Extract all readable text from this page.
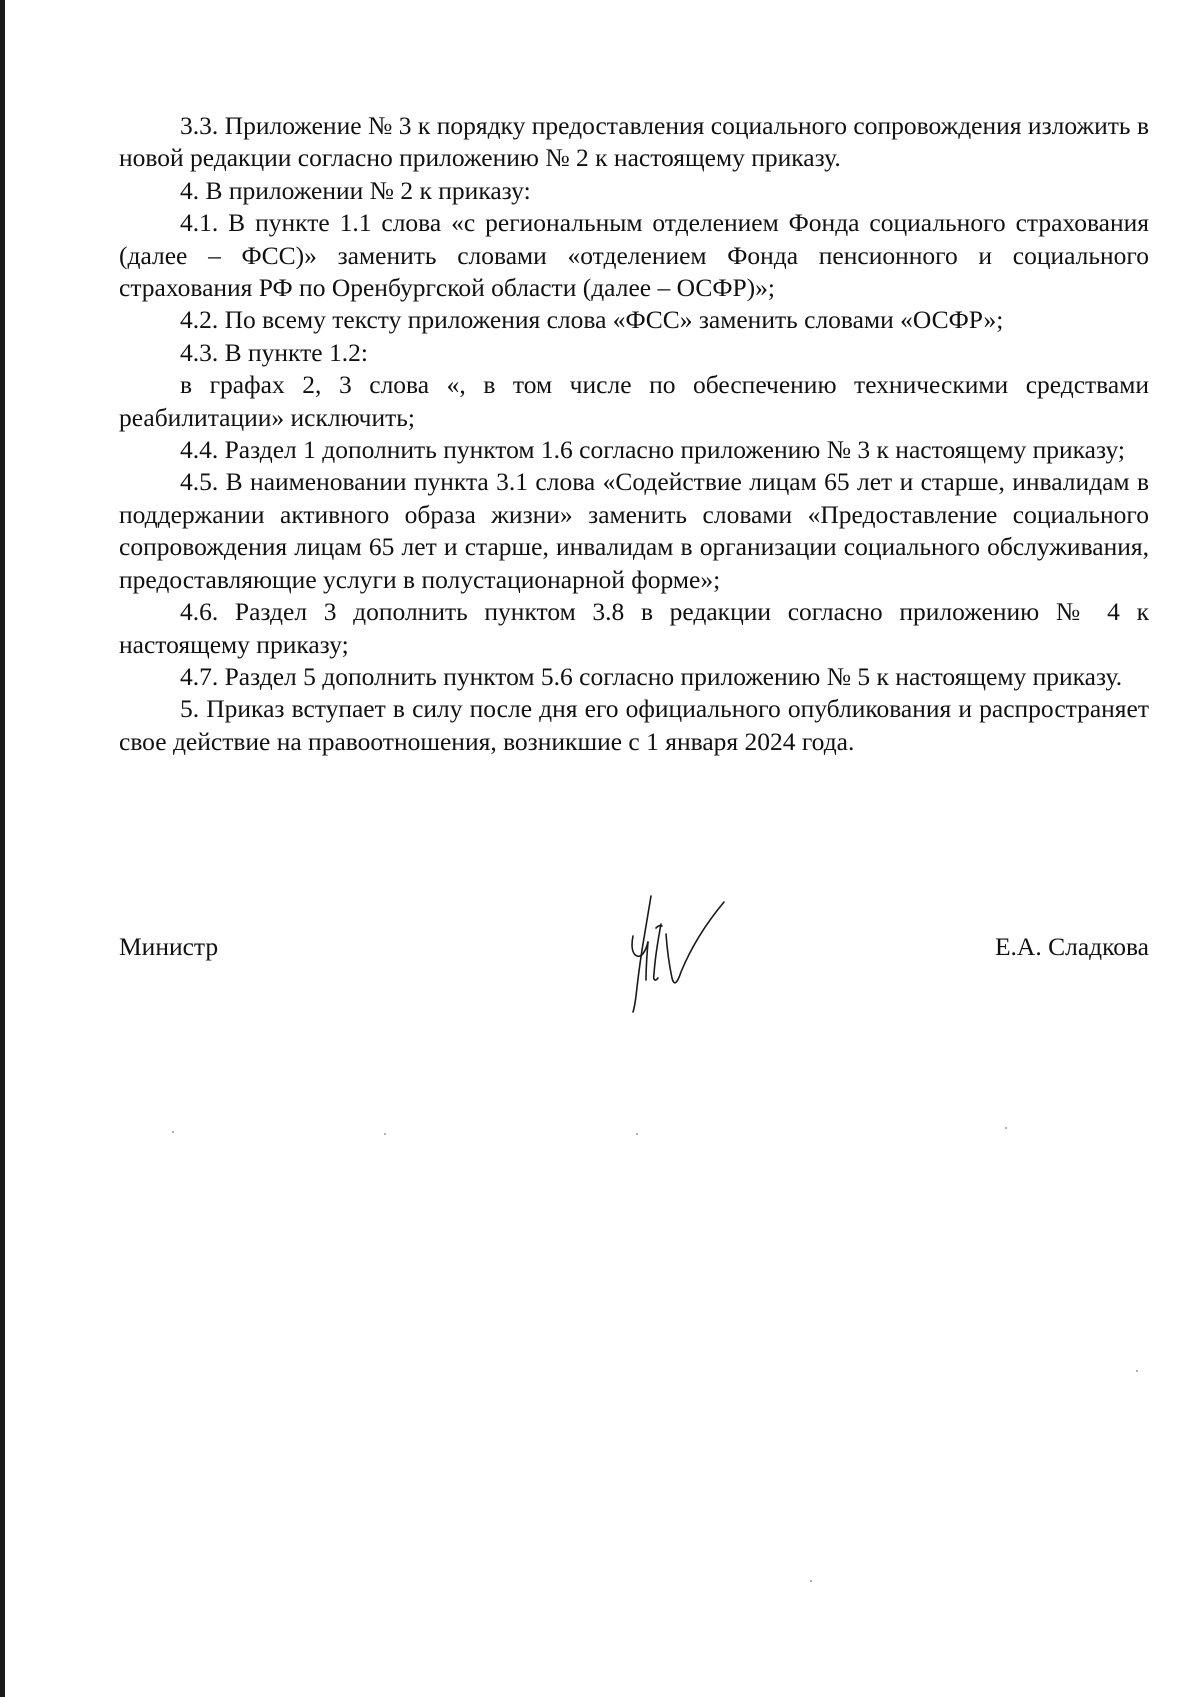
3.3. Приложение № 3 к порядку предоставления социального сопровождения изложить в новой редакции согласно приложению № 2 к настоящему приказу.

4. В приложении № 2 к приказу:

4.1. В пункте 1.1 слова «с региональным отделением Фонда социального страхования (далее – ФСС)» заменить словами «отделением Фонда пенсионного и социального страхования РФ по Оренбургской области (далее – ОСФР)»;

4.2. По всему тексту приложения слова «ФСС» заменить словами «ОСФР»;

4.3. В пункте 1.2:

в графах 2, 3 слова «, в том числе по обеспечению техническими средствами реабилитации» исключить;

4.4. Раздел 1 дополнить пунктом 1.6 согласно приложению № 3 к настоящему приказу;

4.5. В наименовании пункта 3.1 слова «Содействие лицам 65 лет и старше, инвалидам в поддержании активного образа жизни» заменить словами «Предоставление социального сопровождения лицам 65 лет и старше, инвалидам в организации социального обслуживания, предоставляющие услуги в полустационарной форме»;

4.6. Раздел 3 дополнить пунктом 3.8 в редакции согласно приложению № 4 к настоящему приказу;

4.7. Раздел 5 дополнить пунктом 5.6 согласно приложению № 5 к настоящему приказу.

5. Приказ вступает в силу после дня его официального опубликования и распространяет свое действие на правоотношения, возникшие с 1 января 2024 года.

Министр	Е.А. Сладкова
